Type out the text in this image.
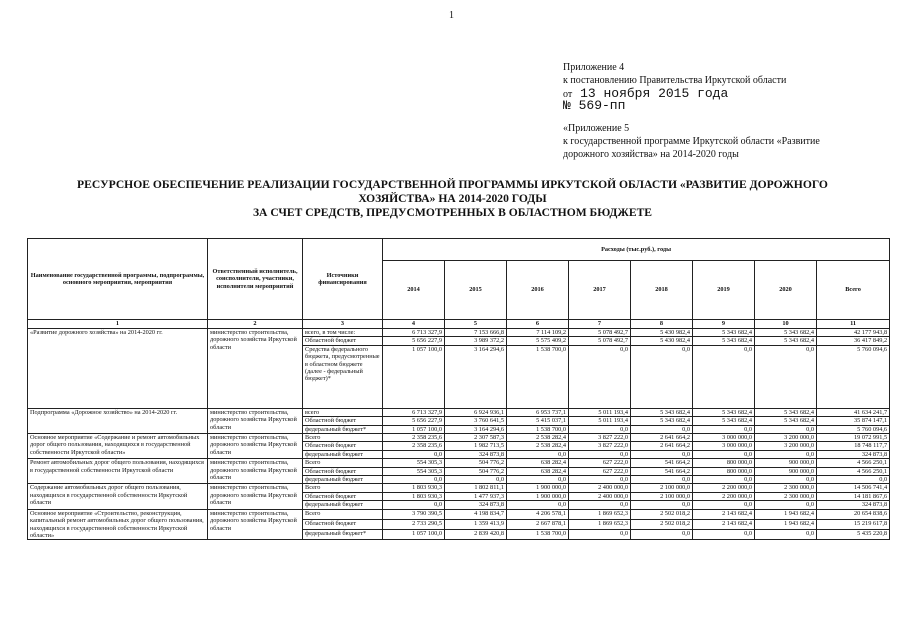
1
Приложение 4
к постановлению Правительства Иркутской области
от 13 ноября 2015 года
№ 569-пп
«Приложение 5
к государственной программе Иркутской области «Развитие
дорожного хозяйства» на 2014-2020 годы
РЕСУРСНОЕ ОБЕСПЕЧЕНИЕ РЕАЛИЗАЦИИ ГОСУДАРСТВЕННОЙ ПРОГРАММЫ ИРКУТСКОЙ ОБЛАСТИ «РАЗВИТИЕ ДОРОЖНОГО
ХОЗЯЙСТВА» НА 2014-2020 ГОДЫ
ЗА СЧЕТ СРЕДСТВ, ПРЕДУСМОТРЕННЫХ В ОБЛАСТНОМ БЮДЖЕТЕ
Наименование государственной программы, подпрограммы, основного мероприятия, мероприятия	Ответственный исполнитель, соисполнители, участники, исполнители мероприятий	Источники финансирования	Расходы (тыс.руб.), годы							
			2014	2015	2016	2017	2018	2019	2020	Всего
1	2	3	4	5	6	7	8	9	10	11
«Развитие дорожного хозяйства» на 2014-2020 гг.	министерство строительства, дорожного хозяйства Иркутской области	всего, в том числе:	6 713 327,9	7 153 666,8	7 114 109,2	5 078 492,7	5 430 982,4	5 343 682,4	5 343 682,4	42 177 943,8
		Областной бюджет	5 656 227,9	3 989 372,2	5 575 409,2	5 078 492,7	5 430 982,4	5 343 682,4	5 343 682,4	36 417 849,2
		Средства федерального бюджета, предусмотренные в областном бюджете (далее - федеральный бюджет)*	1 057 100,0	3 164 294,6	1 538 700,0	0,0	0,0	0,0	0,0	5 760 094,6
Подпрограмма «Дорожное хозяйство» на 2014-2020 гг.	министерство строительства, дорожного хозяйства Иркутской области	всего	6 713 327,9	6 924 936,1	6 953 737,1	5 011 193,4	5 343 682,4	5 343 682,4	5 343 682,4	41 634 241,7
		Областной бюджет	5 656 227,9	3 760 641,5	5 415 037,1	5 011 193,4	5 343 682,4	5 343 682,4	5 343 682,4	35 874 147,1
		федеральный бюджет*	1 057 100,0	3 164 294,6	1 538 700,0	0,0	0,0	0,0	0,0	5 760 094,6
Основное мероприятие «Содержание и ремонт автомобильных дорог общего пользования, находящихся в государственной собственности Иркутской области»	министерство строительства, дорожного хозяйства Иркутской области	Всего	2 358 235,6	2 307 587,3	2 538 282,4	3 827 222,0	2 641 664,2	3 000 000,0	3 200 000,0	19 072 991,5
		Областной бюджет	2 358 235,6	1 982 713,5	2 538 282,4	3 827 222,0	2 641 664,2	3 000 000,0	3 200 000,0	18 748 117,7
		федеральный бюджет	0,0	324 873,8	0,0	0,0	0,0	0,0	0,0	324 873,8
Ремонт автомобильных дорог общего пользования, находящихся в государственной собственности Иркутской области	министерство строительства, дорожного хозяйства Иркутской области	Всего	554 305,3	504 776,2	638 282,4	627 222,0	541 664,2	800 000,0	900 000,0	4 566 250,1
		Областной бюджет	554 305,3	504 776,2	638 282,4	627 222,0	541 664,2	800 000,0	900 000,0	4 566 250,1
		федеральный бюджет	0,0	0,0	0,0	0,0	0,0	0,0	0,0	0,0
Содержание автомобильных дорог общего пользования, находящихся в государственной собственности Иркутской области	министерство строительства, дорожного хозяйства Иркутской области	Всего	1 803 930,3	1 802 811,1	1 900 000,0	2 400 000,0	2 100 000,0	2 200 000,0	2 300 000,0	14 506 741,4
		Областной бюджет	1 803 930,3	1 477 937,3	1 900 000,0	2 400 000,0	2 100 000,0	2 200 000,0	2 300 000,0	14 181 867,6
		федеральный бюджет	0,0	324 873,8	0,0	0,0	0,0	0,0	0,0	324 873,8
Основное мероприятие «Строительство, реконструкция, капитальный ремонт автомобильных дорог общего пользования, находящихся в государственной собственности Иркутской области»	министерство строительства, дорожного хозяйства Иркутской области	Всего	3 790 390,5	4 198 834,7	4 206 578,1	1 869 652,3	2 502 018,2	2 143 682,4	1 943 682,4	20 654 838,6
		Областной бюджет	2 733 290,5	1 359 413,9	2 667 878,1	1 869 652,3	2 502 018,2	2 143 682,4	1 943 682,4	15 219 617,8
		федеральный бюджет*	1 057 100,0	2 839 420,8	1 538 700,0	0,0	0,0	0,0	0,0	5 435 220,8
